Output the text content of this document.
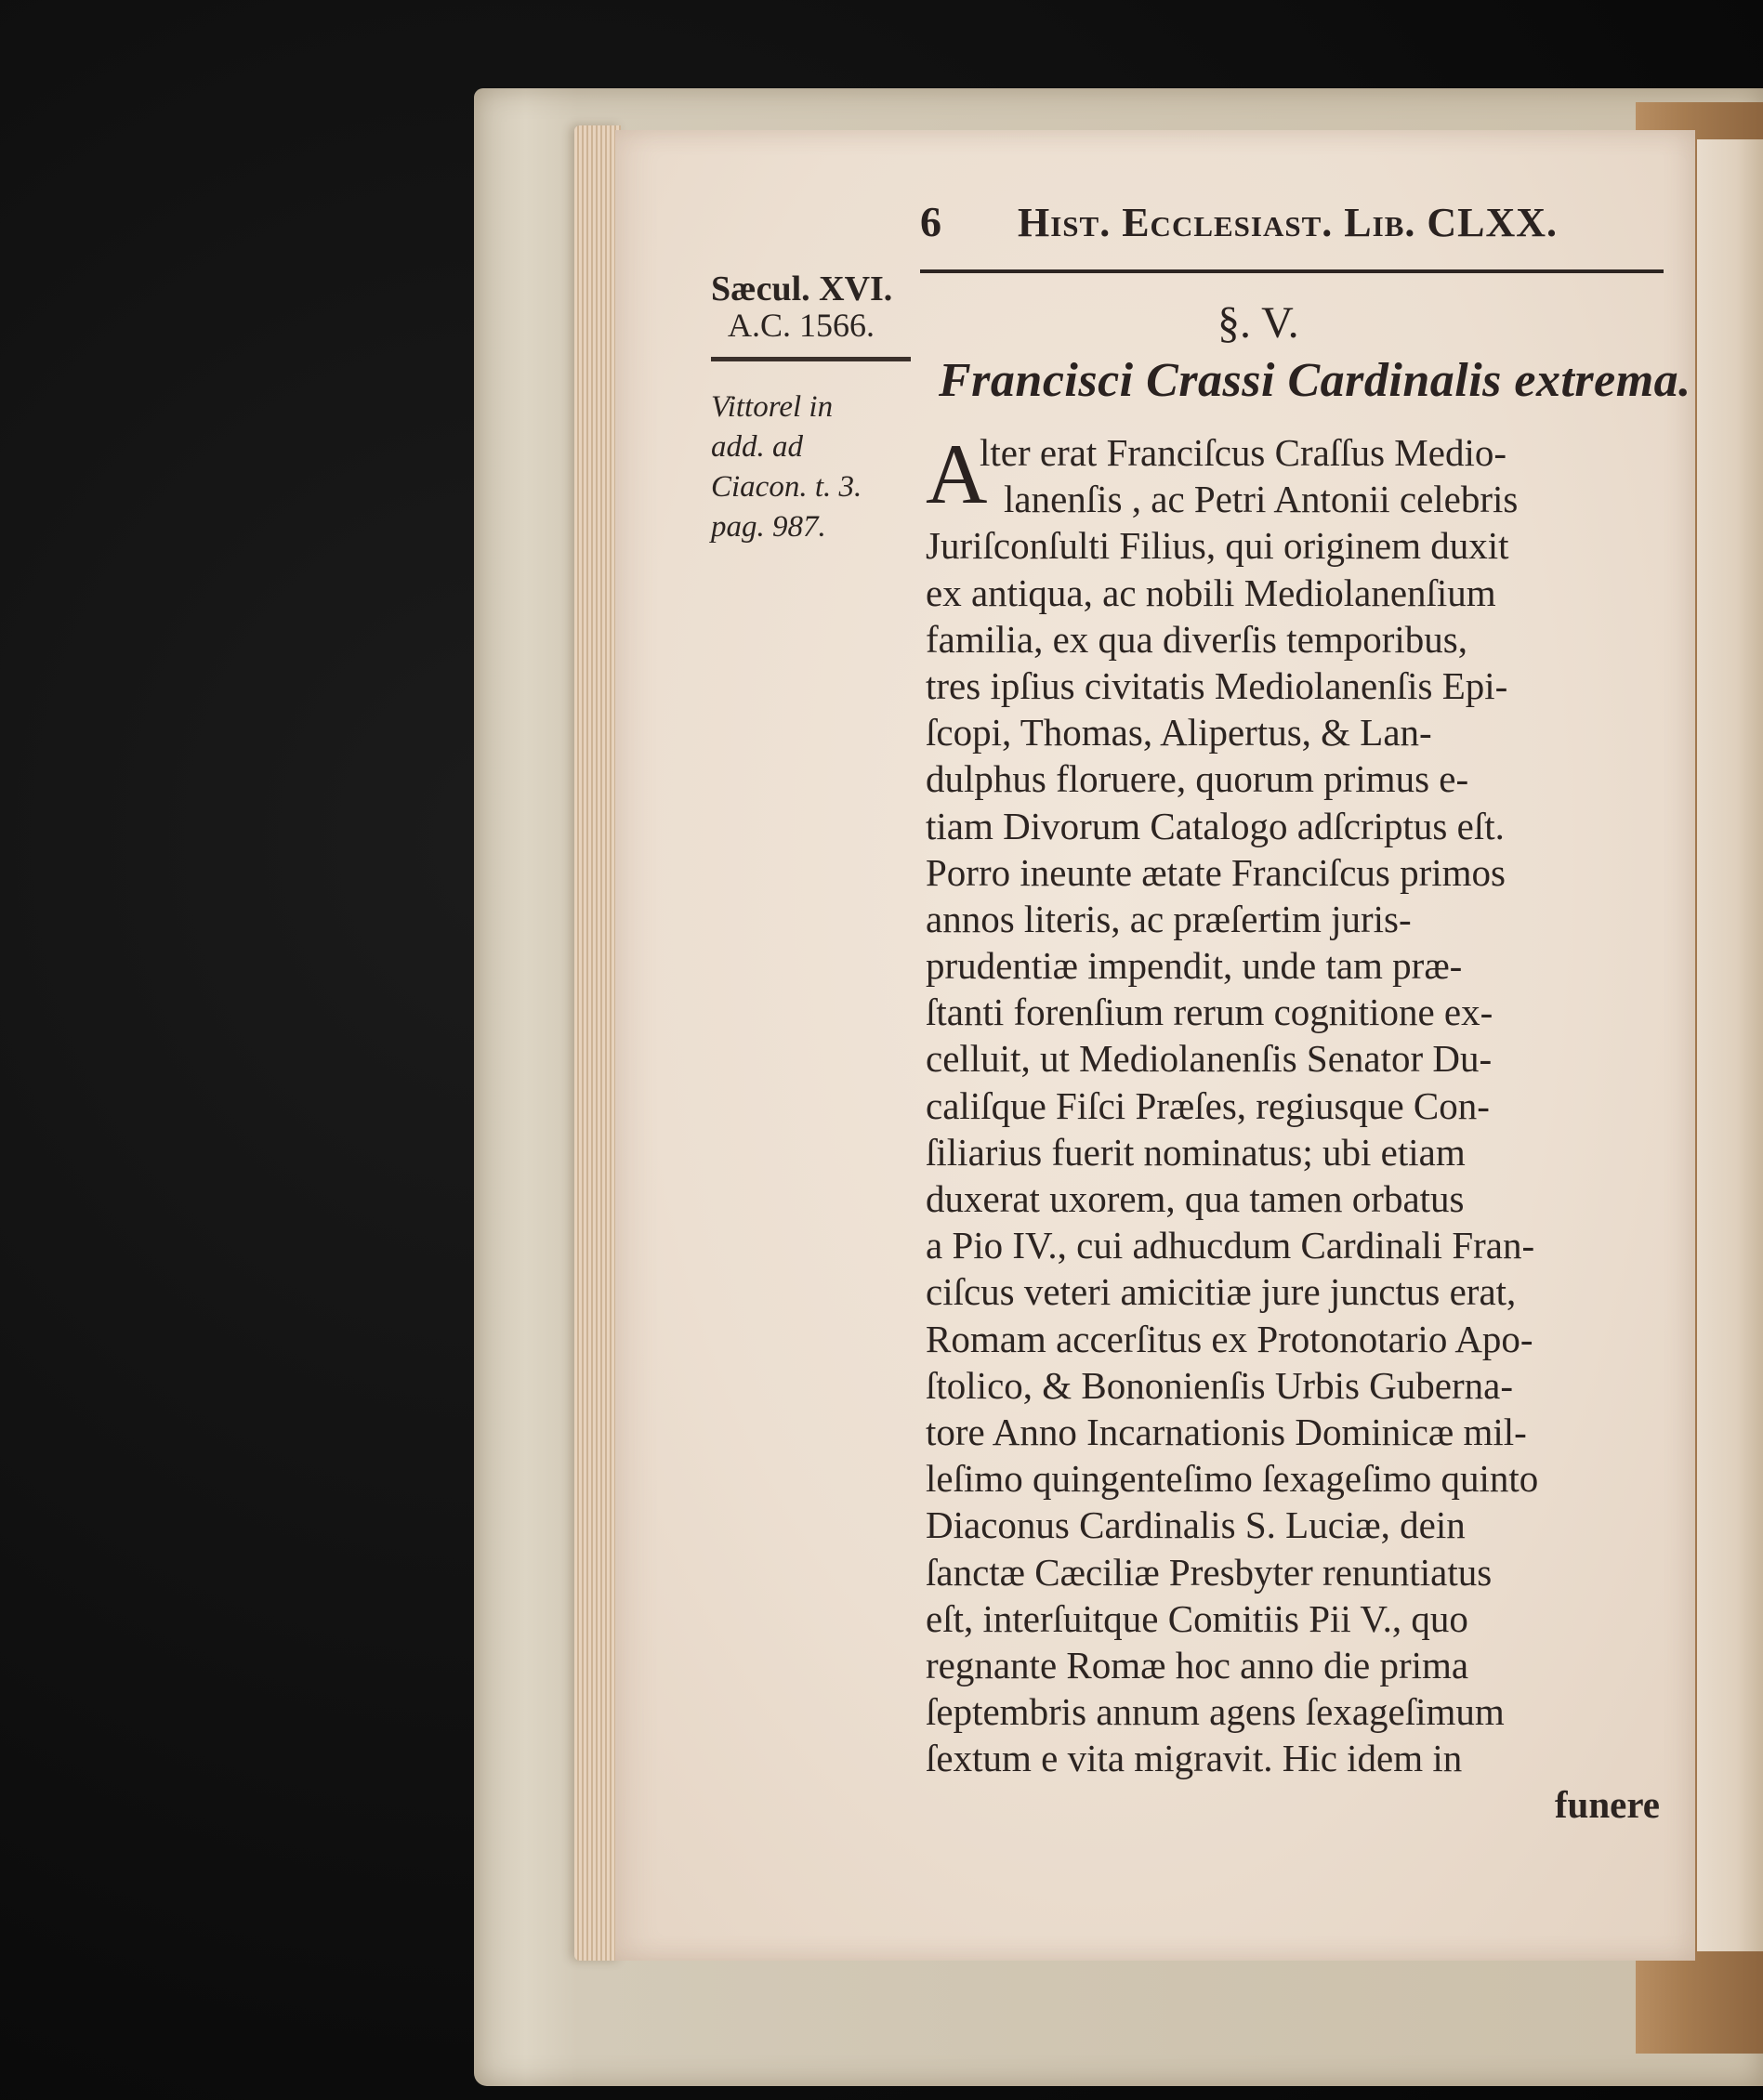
6 Hist. Ecclesiast. Lib. CLXX.
Sæcul. XVI.
A.C. 1566.
Vittorel in
add. ad
Ciacon. t. 3.
pag. 987.
§. V.
Francisci Crassi Cardinalis extrema.
A
lter erat Franciſcus Craſſus Medio-
lanenſis , ac Petri Antonii celebris
Juriſconſulti Filius, qui originem duxit
ex antiqua, ac nobili Mediolanenſium
familia, ex qua diverſis temporibus,
tres ipſius civitatis Mediolanenſis Epi-
ſcopi, Thomas, Alipertus, & Lan-
dulphus floruere, quorum primus e-
tiam Divorum Catalogo adſcriptus eſt.
Porro ineunte ætate Franciſcus primos
annos literis, ac præſertim juris-
prudentiæ impendit, unde tam præ-
ſtanti forenſium rerum cognitione ex-
celluit, ut Mediolanenſis Senator Du-
caliſque Fiſci Præſes, regiusque Con-
ſiliarius fuerit nominatus; ubi etiam
duxerat uxorem, qua tamen orbatus
a Pio IV., cui adhucdum Cardinali Fran-
ciſcus veteri amicitiæ jure junctus erat,
Romam accerſitus ex Protonotario Apo-
ſtolico, & Bononienſis Urbis Guberna-
tore Anno Incarnationis Dominicæ mil-
leſimo quingenteſimo ſexageſimo quinto
Diaconus Cardinalis S. Luciæ, dein
ſanctæ Cæciliæ Presbyter renuntiatus
eſt, interſuitque Comitiis Pii V., quo
regnante Romæ hoc anno die prima
ſeptembris annum agens ſexageſimum
ſextum e vita migravit. Hic idem in
funere
